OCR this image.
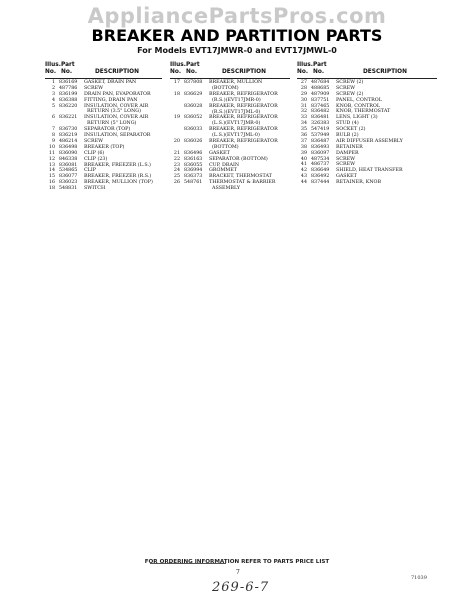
AppliancePartsPros.com
BREAKER AND PARTITION PARTS
For Models EVT17JMWR-0 and EVT17JMWL-0
Illus. Part
No. No.	DESCRIPTION
1 836169 GASKET, DRAIN PAN
2 487786 SCREW
3 836199 DRAIN PAN, EVAPORATOR
4 836388 FITTING, DRAIN PAN
5 836220 INSULATION, COVER AIR
RETURN (3.5" LONG)
6 836221 INSULATION, COVER AIR
RETURN (5" LONG)
7 836730 SEPARATOR (TOP)
8 836219 INSULATION, SEPARATOR
9 486214 SCREW
10 836498 BREAKER (TOP)
11 836090 CLIP (6)
12 846338 CLIP (23)
13 836081 BREAKER, FREEZER (L.S.)
14 534865 CLIP
15 836077 BREAKER, FREEZER (R.S.)
16 836023 BREAKER, MULLION (TOP)
18 548831 SWITCH
Illus. Part
No. No.	DESCRIPTION
17 837808 BREAKER, MULLION
(BOTTOM)
18 836629 BREAKER, REFRIGERATOR
(R.S.)(EVT17JMR-0)
836028 BREAKER, REFRIGERATOR
(R.S.)(EVT17JML-0)
19 836052 BREAKER, REFRIGERATOR
(L.S.)(EVT17JMR-0)
836033 BREAKER, REFRIGERATOR
(L.S.)(EVT17JML-0)
20 836026 BREAKER, REFRIGERATOR
(BOTTOM)
21 836496 GASKET
22 836163 SEPARATOR (BOTTOM)
23 836055 CUP, DRAIN
24 836994 GROMMET
25 836373 BRACKET, THERMOSTAT
26 548761 THERMOSTAT & BARRIER
ASSEMBLY
Illus. Part
No. No.	DESCRIPTION
27 487684 SCREW (2)
28 488685 SCREW
29 487909 SCREW (2)
30 837751 PANEL, CONTROL
31 837465 KNOB, CONTROL
32 836482 KNOB, THERMOSTAT
33 836481 LENS, LIGHT (3)
34 326383 STUD (4)
35 547419 SOCKET (2)
36 537949 BULB (2)
37 836487 AIR DIFFUSER ASSEMBLY
38 836493 RETAINER
39 836097 DAMPER
40 487534 SCREW
41 486737 SCREW
42 836649 SHIELD, HEAT TRANSFER
43 836492 GASKET
44 837444 RETAINER, KNOB
FOR ORDERING INFORMATION REFER TO PARTS PRICE LIST
7
71039
269-6-7
